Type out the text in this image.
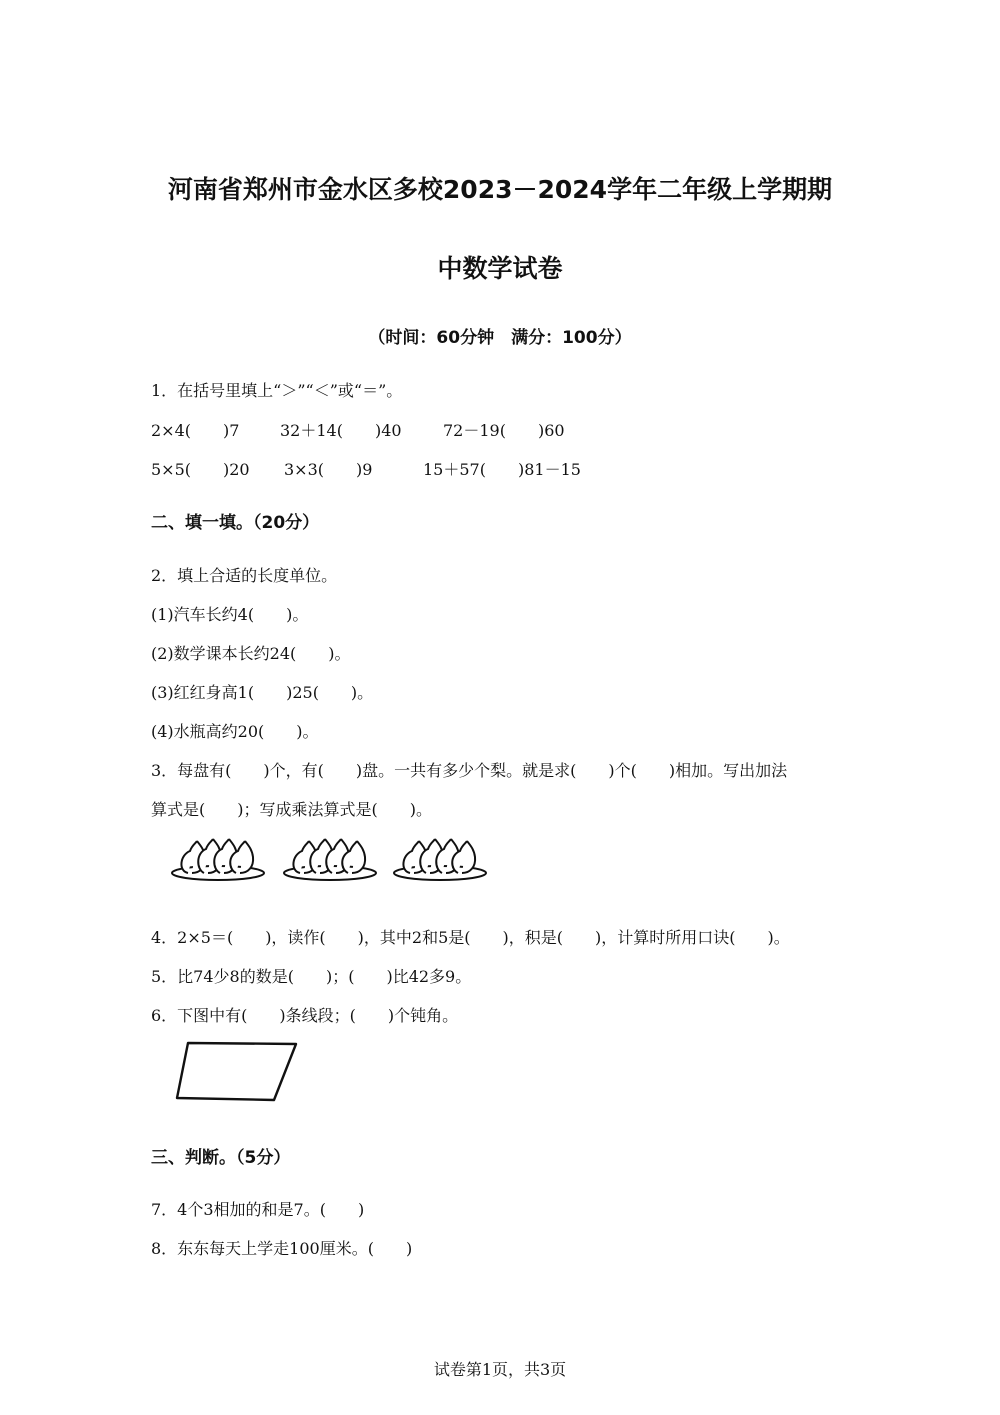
河南省郑州市金水区多校2023－2024学年二年级上学期期
中数学试卷
（时间：60分钟　满分：100分）
1．在括号里填上“＞”“＜”或“＝”。
2×4(　　)7	32＋14(　　)40	72－19(　　)60
5×5(　　)20 3×3(　　)9	15＋57(　　)81－15
二、填一填。（20分）
2．填上合适的长度单位。
(1)汽车长约4(　　)。
(2)数学课本长约24(　　)。
(3)红红身高1(　　)25(　　)。
(4)水瓶高约20(　　)。
3．每盘有(　　)个，有(　　)盘。一共有多少个梨。就是求(　　)个(　　)相加。写出加法
算式是(　　)；写成乘法算式是(　　)。
4．2×5＝(　　)，读作(　　)，其中2和5是(　　)，积是(　　)，计算时所用口诀(　　)。
5．比74少8的数是(　　)；(　　)比42多9。
6．下图中有(　　)条线段；(　　)个钝角。
三、判断。（5分）
7．4个3相加的和是7。(　　)
8．东东每天上学走100厘米。(　　)
试卷第1页，共3页
